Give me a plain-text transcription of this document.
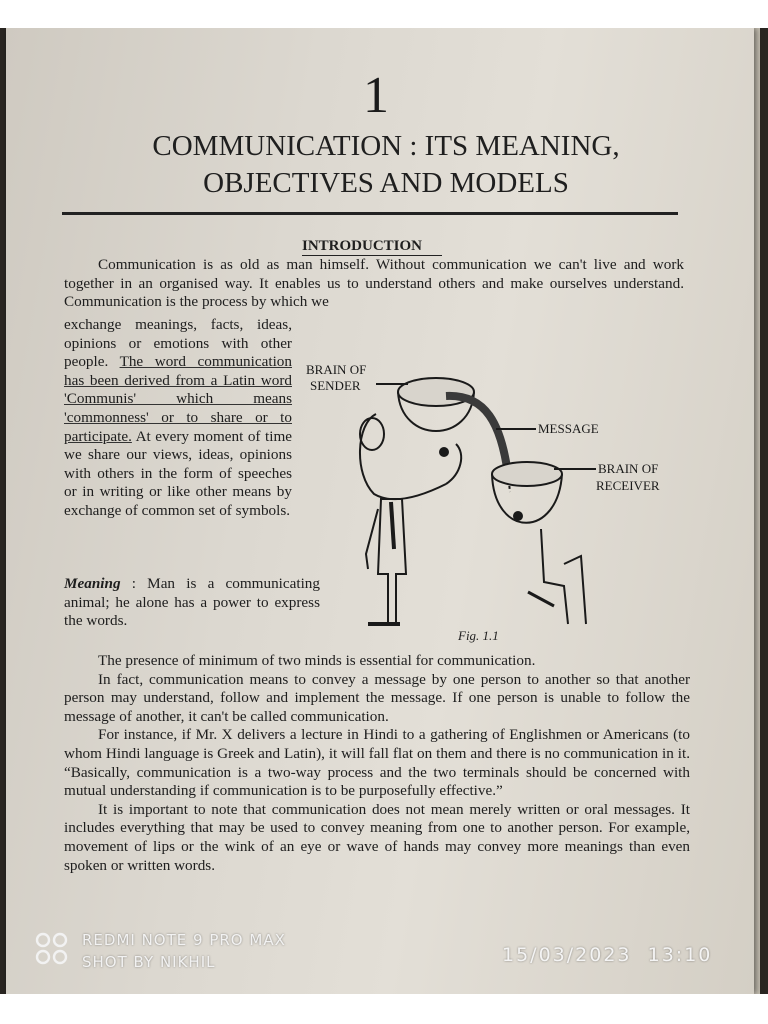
1
COMMUNICATION : ITS MEANING,
OBJECTIVES AND MODELS
INTRODUCTION
Communication is as old as man himself. Without communication we can't live and work together in an organised way. It enables us to understand others and make ourselves understand. Communication is the process by which we
exchange meanings, facts, ideas, opinions or emotions with other people. The word communication has been derived from a Latin word 'Communis' which means 'commonness' or to share or to participate. At every moment of time we share our views, ideas, opinions with others in the form of speeches or in writing or like other means by exchange of common set of symbols.
Meaning : Man is a communicating animal; he alone has a power to express the words.
BRAIN OF
SENDER
MESSAGE
BRAIN OF
RECEIVER
Fig. 1.1

The presence of minimum of two minds is essential for communication.

In fact, communication means to convey a message by one person to another so that another person may understand, follow and implement the message. If one person is unable to follow the message of another, it can't be called communication.

For instance, if Mr. X delivers a lecture in Hindi to a gathering of Englishmen or Americans (to whom Hindi language is Greek and Latin), it will fall flat on them and there is no communication in it. “Basically, communication is a two-way process and the two terminals should be concerned with mutual understanding if communication is to be purposefully effective.”

It is important to note that communication does not mean merely written or oral messages. It includes everything that may be used to convey meaning from one to another person. For example, movement of lips or the wink of an eye or wave of hands may convey more meanings than even spoken or written words.

REDMI NOTE 9 PRO MAX
SHOT BY NIKHIL	15/03/2023 13:10
